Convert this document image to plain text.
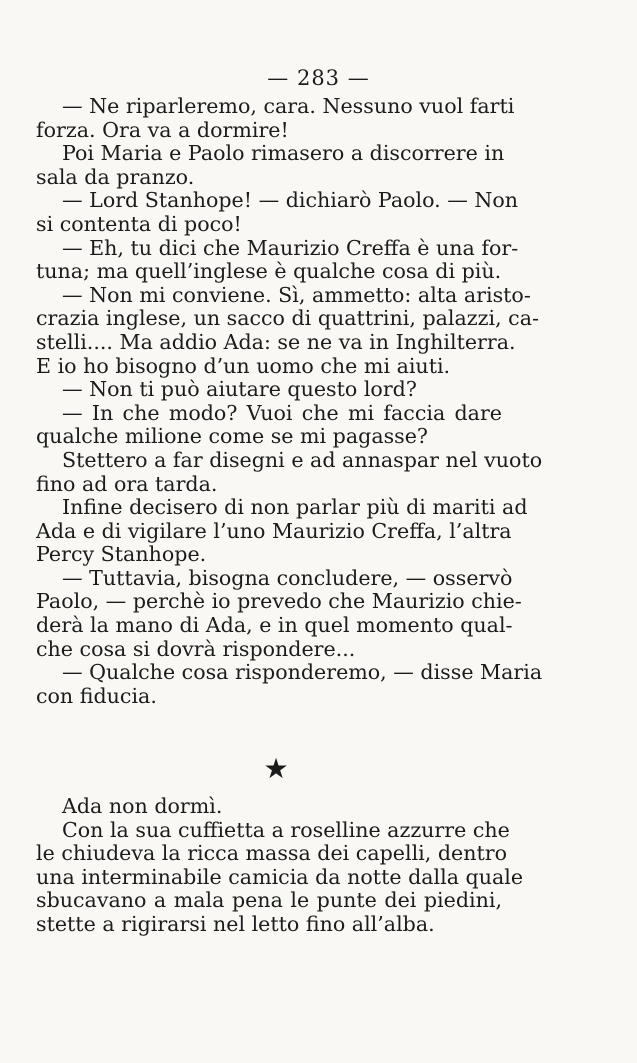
— 283 —
— Ne riparleremo, cara. Nessuno vuol farti
forza. Ora va a dormire!
Poi Maria e Paolo rimasero a discorrere in
sala da pranzo.
— Lord Stanhope! — dichiarò Paolo. — Non
si contenta di poco!
— Eh, tu dici che Maurizio Creffa è una for-
tuna; ma quell’inglese è qualche cosa di più.
— Non mi conviene. Sì, ammetto: alta aristo-
crazia inglese, un sacco di quattrini, palazzi, ca-
stelli.... Ma addio Ada: se ne va in Inghilterra.
E io ho bisogno d’un uomo che mi aiuti.
— Non ti può aiutare questo lord?
— In che modo? Vuoi che mi faccia dare
qualche milione come se mi pagasse?
Stettero a far disegni e ad annaspar nel vuoto
fino ad ora tarda.
Infine decisero di non parlar più di mariti ad
Ada e di vigilare l’uno Maurizio Creffa, l’altra
Percy Stanhope.
— Tuttavia, bisogna concludere, — osservò
Paolo, — perchè io prevedo che Maurizio chie-
derà la mano di Ada, e in quel momento qual-
che cosa si dovrà rispondere...
— Qualche cosa risponderemo, — disse Maria
con fiducia.
★
Ada non dormì.
Con la sua cuffietta a roselline azzurre che
le chiudeva la ricca massa dei capelli, dentro
una interminabile camicia da notte dalla quale
sbucavano a mala pena le punte dei piedini,
stette a rigirarsi nel letto fino all’alba.
